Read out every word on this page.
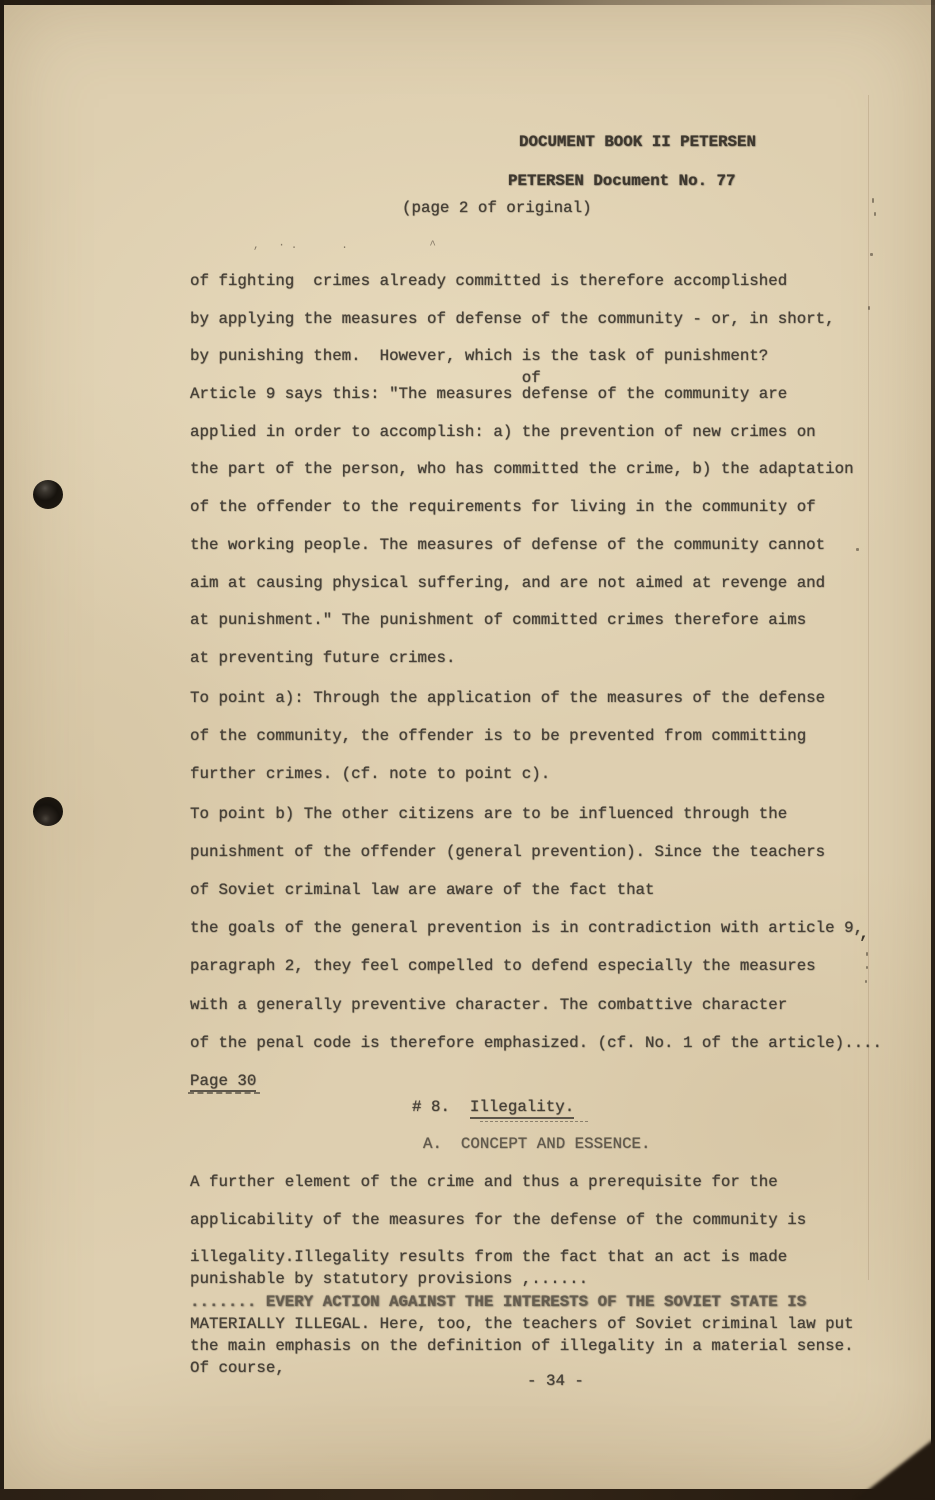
DOCUMENT BOOK II PETERSEN
PETERSEN Document No. 77
(page 2 of original)
, ·.   .      ^
of fighting  crimes already committed is therefore accomplished
by applying the measures of defense of the community - or, in short,
by punishing them.  However, which is the task of punishment?
Article 9 says this: "The measures
of
defense of the community are
applied in order to accomplish: a) the prevention of new crimes on
the part of the person, who has committed the crime, b) the adaptation
of the offender to the requirements for living in the community of
the working people. The measures of defense of the community cannot
aim at causing physical suffering, and are not aimed at revenge and
at punishment." The punishment of committed crimes therefore aims
at preventing future crimes.
To point a): Through the application of the measures of the defense
of the community, the offender is to be prevented from committing
further crimes. (cf. note to point c).
To point b) The other citizens are to be influenced through the
punishment of the offender (general prevention). Since the teachers
of Soviet criminal law are aware of the fact that
the goals of the general prevention is in contradiction with article 9,
paragraph 2, they feel compelled to defend especially the measures
with a generally preventive character. The combattive character
of the penal code is therefore emphasized. (cf. No. 1 of the article)....
,
Page 30
# 8. Illegality.
A.  CONCEPT AND ESSENCE.
A further element of the crime and thus a prerequisite for the
applicability of the measures for the defense of the community is
illegality.Illegality results from the fact that an act is made
punishable by statutory provisions ,......
....... EVERY ACTION AGAINST THE INTERESTS OF THE SOVIET STATE IS
MATERIALLY ILLEGAL. Here, too, the teachers of Soviet criminal law put
the main emphasis on the definition of illegality in a material sense.
Of course,
- 34 -
